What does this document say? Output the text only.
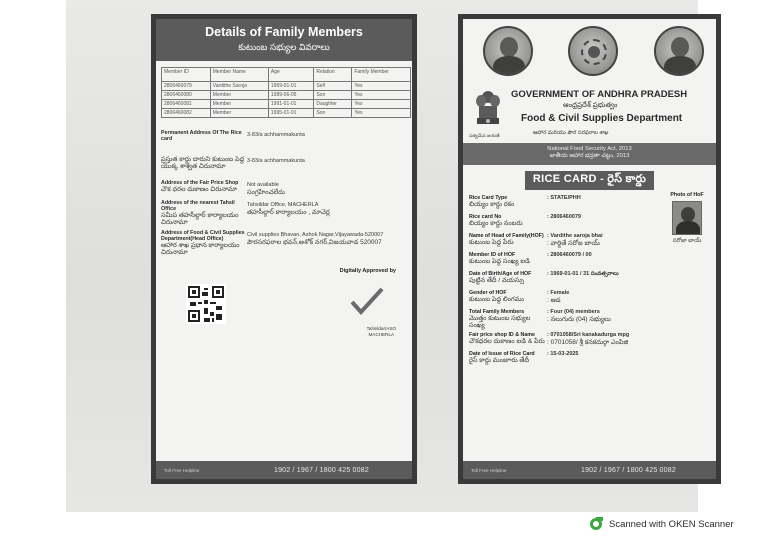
Details of Family Members
కుటుంబ సభ్యుల వివరాలు
Member ID	Member Name	Age	Relation	Family Member
2806460079	Vardithe Saroja	1969-01-01	Self	Yes
2806460080	Member	1989-06-05	Son	Yes
2806460081	Member	1991-01-01	Daughter	Yes
2806460082	Member	1995-01-01	Son	Yes
Permanent Address Of The Rice card
3-83/a achhammakunta
ప్రస్తుత కార్డు దారుని కుటుంబ పెద్ద యొక్క శాశ్వత చిరునామా
3-83/a achhammakunta
Address of the Fair Price Shop
చౌక ధరల దుకాణం చిరునామా
Not available
సంగ్రహించలేదు
Address of the nearest Tahsil Office
సమీప తహసీల్దార్ కార్యాలయం చిరునామా
Tahsildar Office, MACHERLA
తహసీల్దార్ కార్యాలయం , మాచెర్ల
Address of Food & Civil Supplies Department(Head Office)
ఆహార శాఖ ప్రధాన కార్యాలయం చిరునామా
Civil supplies Bhavan, Ashok Nagar,Vijayawada-520007
పౌరసరఫరాల భవన్,అశోక్ నగర్,విజయవాడ 520007
Digitally Approved by
Tahsildar/ASO
MACHERLA
Toll Free Helpline	1902 / 1967 / 1800 425 0082
సత్యమేవ జయతే
GOVERNMENT OF ANDHRA PRADESH
ఆంధ్రప్రదేశ్ ప్రభుత్వం
Food & Civil Supplies Department
ఆహార మరియు పౌర సరఫరాల శాఖ
National Food Security Act, 2013
జాతీయ ఆహార భద్రతా చట్టం, 2013
RICE CARD - రైస్ కార్డు
Photo of HoF
సరోజా బాయ్
Rice Card Type
బియ్యం కార్డు రకం
: STATE/PHH
Rice card No
బియ్యం కార్డు నంబరు
: 2806460079
Name of Head of Family(HOF)
కుటుంబ పెద్ద పేరు
: Vardithe saroja bhai
: వార్డితే సరోజ బాయ్
Member ID of HOF
కుటుంబ పెద్ద సంఖ్య ఐడి
: 2806460079 / 00
Date of Birth/Age of HOF
పుట్టిన తేదీ / వయస్సు
: 1969-01-01 / 31 సంవత్సరాలు
Gender of HOF
కుటుంబ పెద్ద లింగము
: Female
: ఆడ
Total Family Members
మొత్తం కుటుంబ సభ్యుల సంఖ్య
: Four (04) members
: నలుగురు (04) సభ్యులు
Fair price shop ID & Name
చౌకధరల దుకాణం ఐడి & పేరు
: 0701058/Sri kanakadurga mpg
: 0701058/ శ్రీ కనకదుర్గా ఎంపిజి
Date of Issue of Rice Card
రైస్ కార్డు మంజూరు తేదీ
: 15-03-2025
Toll Free Helpline	1902 / 1967 / 1800 425 0082
Scanned with OKEN Scanner
